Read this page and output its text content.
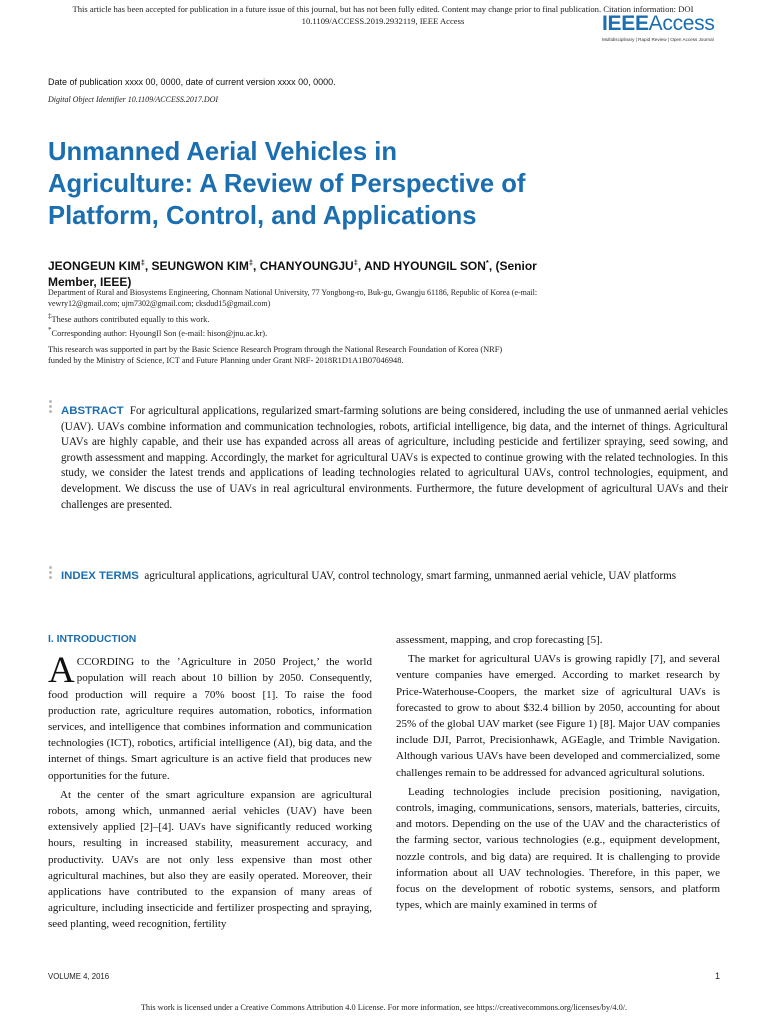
This article has been accepted for publication in a future issue of this journal, but has not been fully edited. Content may change prior to final publication. Citation information: DOI
10.1109/ACCESS.2019.2932119, IEEE Access	IEEEAccess
Multidisciplinary | Rapid Review | Open Access Journal
Date of publication xxxx 00, 0000, date of current version xxxx 00, 0000.
Digital Object Identifier 10.1109/ACCESS.2017.DOI
Unmanned Aerial Vehicles in
Agriculture: A Review of Perspective of
Platform, Control, and Applications
JEONGEUN KIM‡, SEUNGWON KIM‡, CHANYOUNGJU‡, AND HYOUNGIL SON*, (Senior
Member, IEEE)
Department of Rural and Biosystems Engineering, Chonnam National University, 77 Yongbong-ro, Buk-gu, Gwangju 61186, Republic of Korea (e-mail:
vewry12@gmail.com; ujm7302@gmail.com; cksdud15@gmail.com)
‡These authors contributed equally to this work.
*Corresponding author: HyoungIl Son (e-mail: hison@jnu.ac.kr).
This research was supported in part by the Basic Science Research Program through the National Research Foundation of Korea (NRF)
funded by the Ministry of Science, ICT and Future Planning under Grant NRF- 2018R1D1A1B07046948.
ABSTRACT For agricultural applications, regularized smart-farming solutions are being considered, including the use of unmanned aerial vehicles (UAV). UAVs combine information and communication technologies, robots, artificial intelligence, big data, and the internet of things. Agricultural UAVs are highly capable, and their use has expanded across all areas of agriculture, including pesticide and fertilizer spraying, seed sowing, and growth assessment and mapping. Accordingly, the market for agricultural UAVs is expected to continue growing with the related technologies. In this study, we consider the latest trends and applications of leading technologies related to agricultural UAVs, control technologies, equipment, and development. We discuss the use of UAVs in real agricultural environments. Furthermore, the future development of agricultural UAVs and their challenges are presented.
INDEX TERMS agricultural applications, agricultural UAV, control technology, smart farming, unmanned aerial vehicle, UAV platforms
I. INTRODUCTION

ACCORDING to the ’Agriculture in 2050 Project,’ the world population will reach about 10 billion by 2050. Consequently, food production will require a 70% boost [1]. To raise the food production rate, agriculture requires automation, robotics, information services, and intelligence that combines information and communication technologies (ICT), robotics, artificial intelligence (AI), big data, and the internet of things. Smart agriculture is an active field that produces new opportunities for the future.

At the center of the smart agriculture expansion are agricultural robots, among which, unmanned aerial vehicles (UAV) have been extensively applied [2]–[4]. UAVs have significantly reduced working hours, resulting in increased stability, measurement accuracy, and productivity. UAVs are not only less expensive than most other agricultural machines, but also they are easily operated. Moreover, their applications have contributed to the expansion of many areas of agriculture, including insecticide and fertilizer prospecting and spraying, seed planting, weed recognition, fertility

assessment, mapping, and crop forecasting [5].

The market for agricultural UAVs is growing rapidly [7], and several venture companies have emerged. According to market research by Price-Waterhouse-Coopers, the market size of agricultural UAVs is forecasted to grow to about $32.4 billion by 2050, accounting for about 25% of the global UAV market (see Figure 1) [8]. Major UAV companies include DJI, Parrot, Precisionhawk, AGEagle, and Trimble Navigation. Although various UAVs have been developed and commercialized, some challenges remain to be addressed for advanced agricultural solutions.

Leading technologies include precision positioning, navigation, controls, imaging, communications, sensors, materials, batteries, circuits, and motors. Depending on the use of the UAV and the characteristics of the farming sector, various technologies (e.g., equipment development, nozzle controls, and big data) are required. It is challenging to provide information about all UAV technologies. Therefore, in this paper, we focus on the development of robotic systems, sensors, and platform types, which are mainly examined in terms of

VOLUME 4, 2016	1
This work is licensed under a Creative Commons Attribution 4.0 License. For more information, see https://creativecommons.org/licenses/by/4.0/.
